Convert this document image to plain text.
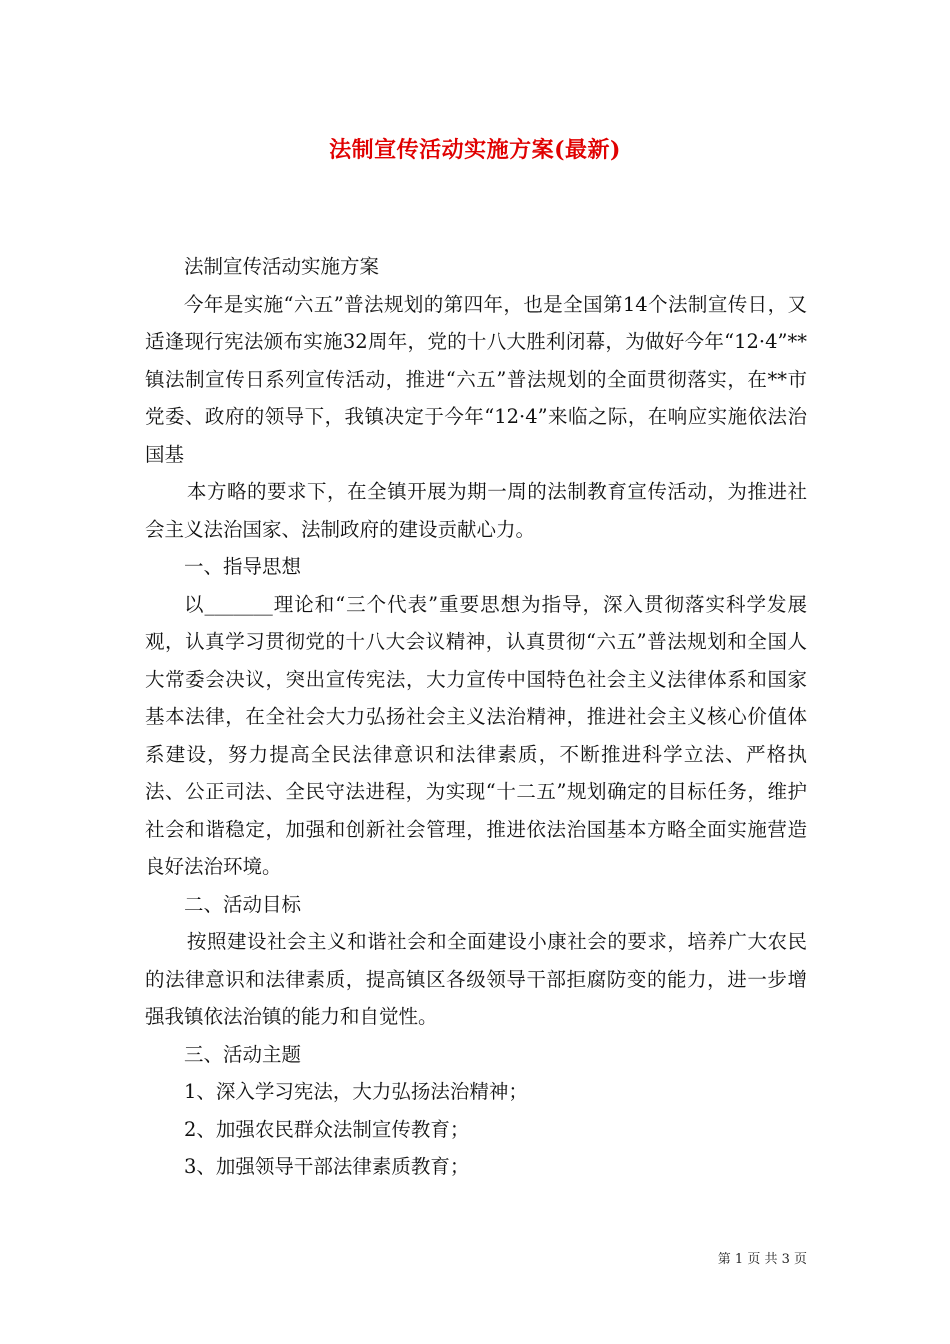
法制宣传活动实施方案(最新)

法制宣传活动实施方案

今年是实施“六五”普法规划的第四年，也是全国第14个法制宣传日，又适逢现行宪法颁布实施32周年，党的十八大胜利闭幕，为做好今年“12·4”**镇法制宣传日系列宣传活动，推进“六五”普法规划的全面贯彻落实，在**市党委、政府的领导下，我镇决定于今年“12·4”来临之际，在响应实施依法治国基

本方略的要求下，在全镇开展为期一周的法制教育宣传活动，为推进社会主义法治国家、法制政府的建设贡献心力。

一、指导思想

以_______理论和“三个代表”重要思想为指导，深入贯彻落实科学发展观，认真学习贯彻党的十八大会议精神，认真贯彻“六五”普法规划和全国人大常委会决议，突出宣传宪法，大力宣传中国特色社会主义法律体系和国家基本法律，在全社会大力弘扬社会主义法治精神，推进社会主义核心价值体系建设，努力提高全民法律意识和法律素质，不断推进科学立法、严格执法、公正司法、全民守法进程，为实现“十二五”规划确定的目标任务，维护社会和谐稳定，加强和创新社会管理，推进依法治国基本方略全面实施营造良好法治环境。

二、活动目标

按照建设社会主义和谐社会和全面建设小康社会的要求，培养广大农民的法律意识和法律素质，提高镇区各级领导干部拒腐防变的能力，进一步增强我镇依法治镇的能力和自觉性。

三、活动主题

1、深入学习宪法，大力弘扬法治精神；

2、加强农民群众法制宣传教育；

3、加强领导干部法律素质教育；

第 1 页 共 3 页
